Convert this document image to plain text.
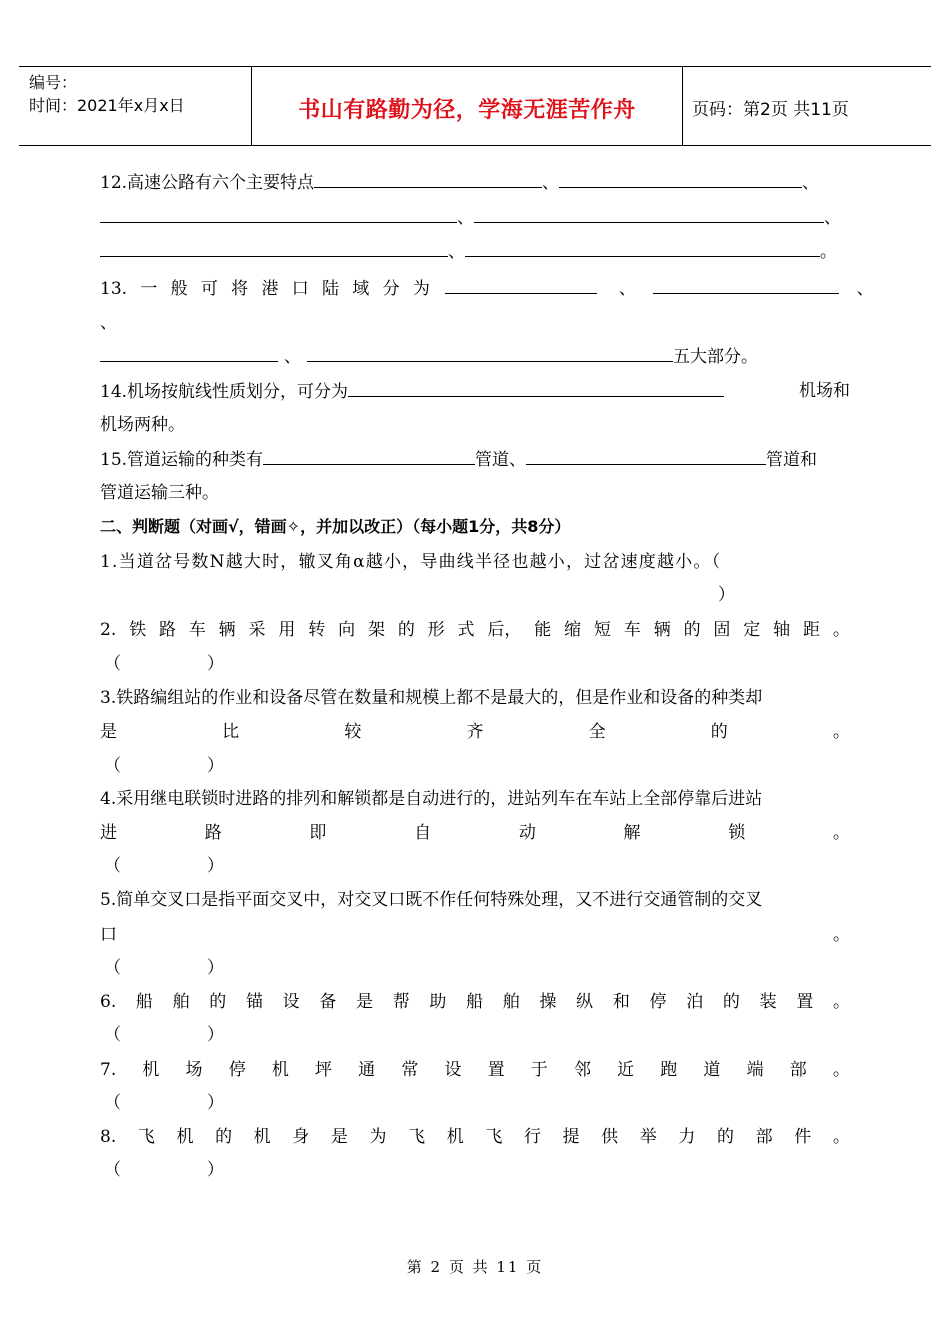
编号：
时间：2021年x月x日	书山有路勤为径，学海无涯苦作舟	页码：第2页 共11页
12.高速公路有六个主要特点	、	、
、	、
、	。
13. 一 般 可 将 港 口 陆 域 分 为	、	、
、
、	五大部分。
14.机场按航线性质划分，可分为	机场和
机场两种。
15.管道运输的种类有	管道、	管道和
管道运输三种。
二、判断题（对画√，错画✧，并加以改正）（每小题1分，共8分）
1.当道岔号数N越大时，辙叉角α越小，导曲线半径也越小，过岔速度越小。（
）
2. 铁 路 车 辆 采 用 转 向 架 的 形 式 后， 能 缩 短 车 辆 的 固 定 轴 距 。
（	）
3.铁路编组站的作业和设备尽管在数量和规模上都不是最大的，但是作业和设备的种类却
是	比	较	齐	全	的	。
（	）
4.采用继电联锁时进路的排列和解锁都是自动进行的，进站列车在车站上全部停靠后进站
进	路	即	自	动	解	锁	。
（	）
5.简单交叉口是指平面交叉中，对交叉口既不作任何特殊处理，又不进行交通管制的交叉
口	。
（	）
6. 船 舶 的 锚 设 备 是 帮 助 船 舶 操 纵 和 停 泊 的 装 置 。
（	）
7. 机 场 停 机 坪 通 常 设 置 于 邻 近 跑 道 端 部 。
（	）
8. 飞 机 的 机 身 是 为 飞 机 飞 行 提 供 举 力 的 部 件 。
（	）
第 2 页 共 11 页
